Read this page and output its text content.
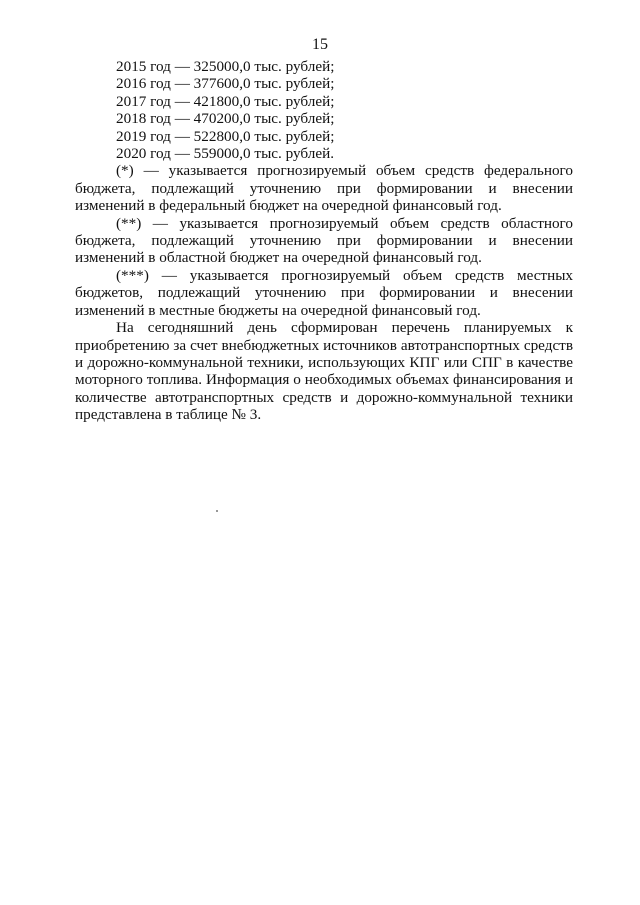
15
2015 год — 325000,0 тыс. рублей;
2016 год — 377600,0 тыс. рублей;
2017 год — 421800,0 тыс. рублей;
2018 год — 470200,0 тыс. рублей;
2019 год — 522800,0 тыс. рублей;
2020 год — 559000,0 тыс. рублей.

(*) — указывается прогнозируемый объем средств федерального бюджета, подлежащий уточнению при формировании и внесении изменений в федеральный бюджет на очередной финансовый год.

(**) — указывается прогнозируемый объем средств областного бюджета, подлежащий уточнению при формировании и внесении изменений в областной бюджет на очередной финансовый год.

(***) — указывается прогнозируемый объем средств местных бюджетов, подлежащий уточнению при формировании и внесении изменений в местные бюджеты на очередной финансовый год.

На сегодняшний день сформирован перечень планируемых к приобретению за счет внебюджетных источников автотранспортных средств и дорожно-коммунальной техники, использующих КПГ или СПГ в качестве моторного топлива. Информация о необходимых объемах финансирования и количестве автотранспортных средств и дорожно-коммунальной техники представлена в таблице № 3.
